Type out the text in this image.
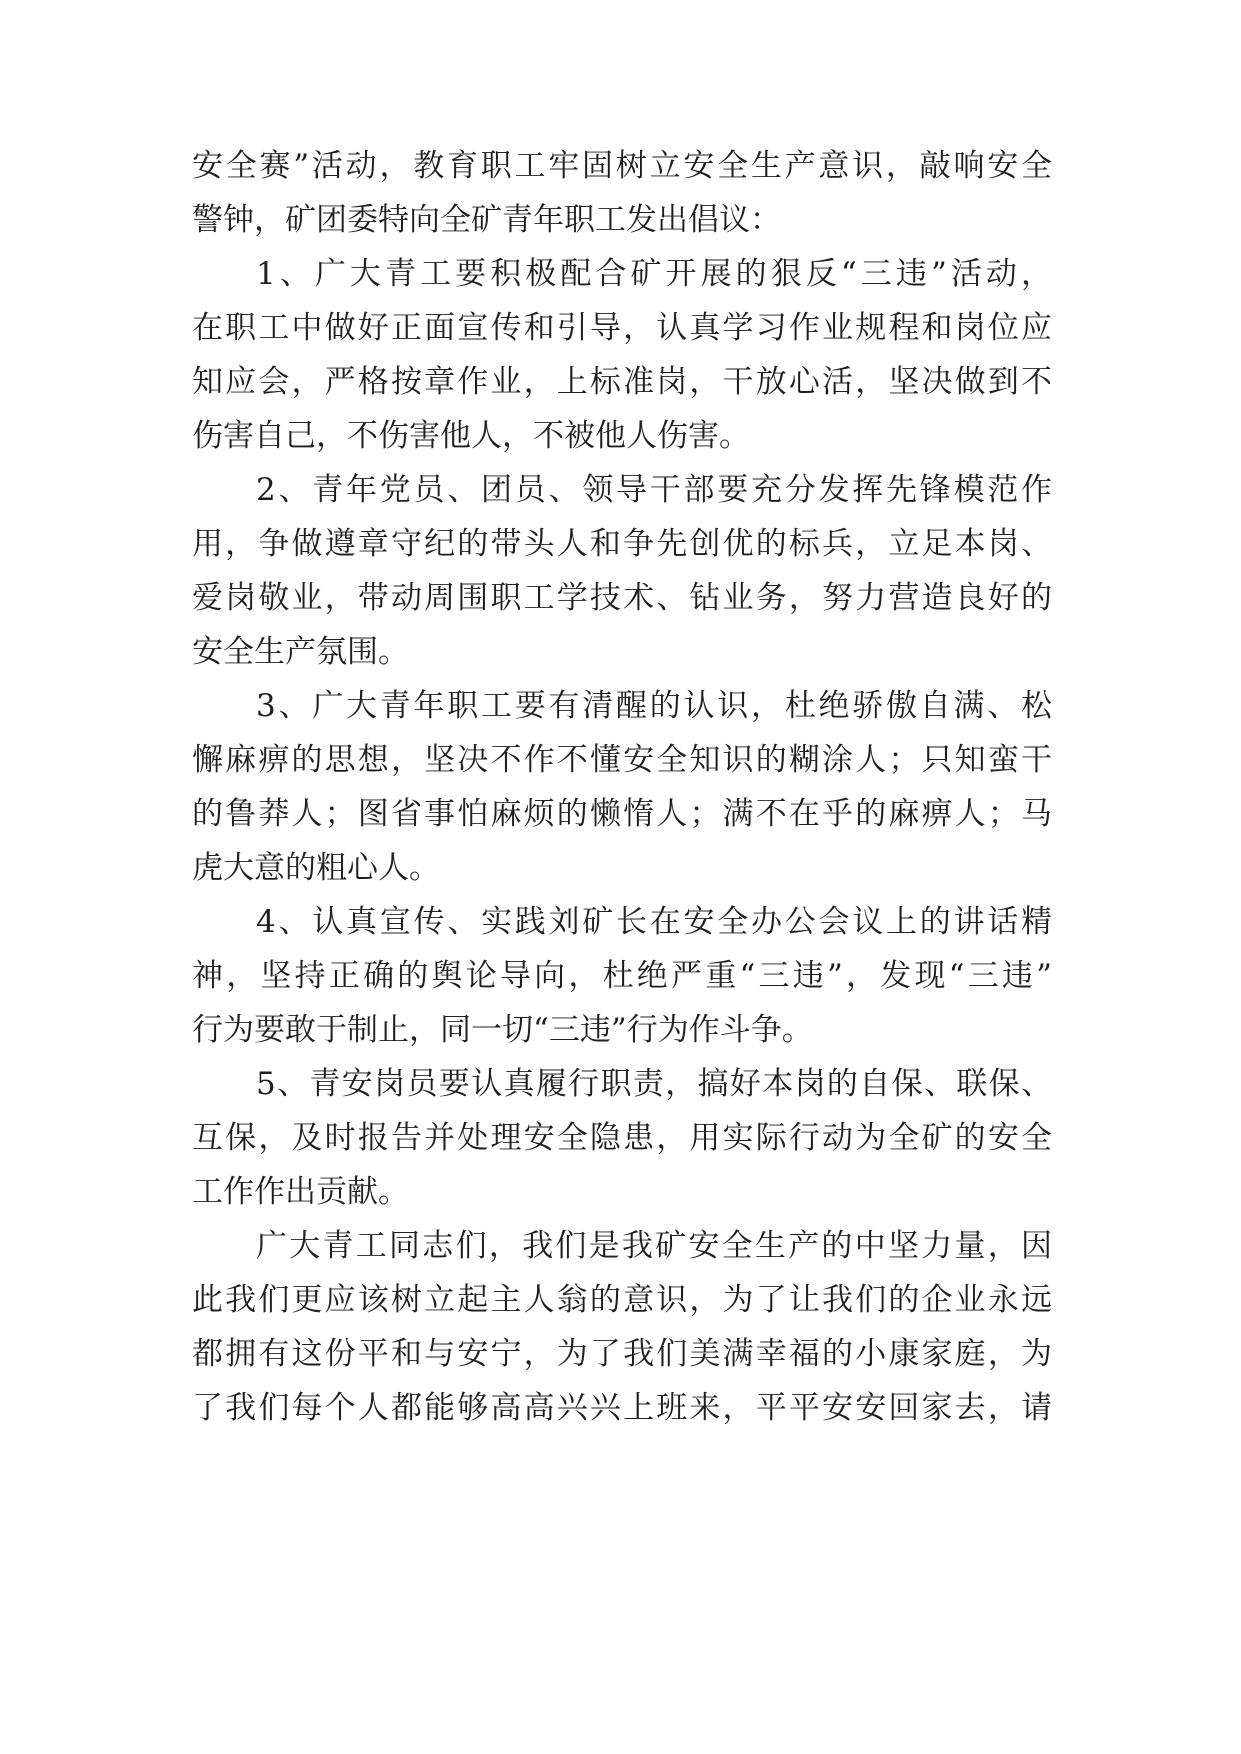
安全赛”活动，教育职工牢固树立安全生产意识，敲响安全
警钟，矿团委特向全矿青年职工发出倡议：
1、广大青工要积极配合矿开展的狠反“三违”活动，
在职工中做好正面宣传和引导，认真学习作业规程和岗位应
知应会，严格按章作业，上标准岗，干放心活，坚决做到不
伤害自己，不伤害他人，不被他人伤害。
2、青年党员、团员、领导干部要充分发挥先锋模范作
用，争做遵章守纪的带头人和争先创优的标兵，立足本岗、
爱岗敬业，带动周围职工学技术、钻业务，努力营造良好的
安全生产氛围。
3、广大青年职工要有清醒的认识，杜绝骄傲自满、松
懈麻痹的思想，坚决不作不懂安全知识的糊涂人；只知蛮干
的鲁莽人；图省事怕麻烦的懒惰人；满不在乎的麻痹人；马
虎大意的粗心人。
4、认真宣传、实践刘矿长在安全办公会议上的讲话精
神，坚持正确的舆论导向，杜绝严重“三违”，发现“三违”
行为要敢于制止，同一切“三违”行为作斗争。
5、青安岗员要认真履行职责，搞好本岗的自保、联保、
互保，及时报告并处理安全隐患，用实际行动为全矿的安全
工作作出贡献。
广大青工同志们，我们是我矿安全生产的中坚力量，因
此我们更应该树立起主人翁的意识，为了让我们的企业永远
都拥有这份平和与安宁，为了我们美满幸福的小康家庭，为
了我们每个人都能够高高兴兴上班来，平平安安回家去，请
